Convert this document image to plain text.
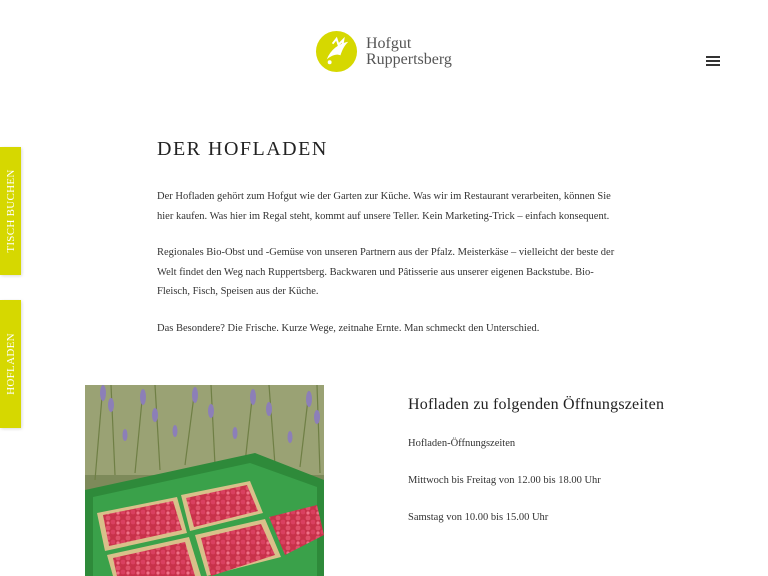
Hofgut
Ruppertsberg
TISCH BUCHEN
HOFLADEN
DER HOFLADEN

Der Hofladen gehört zum Hofgut wie der Garten zur Küche. Was wir im Restaurant verarbeiten, können Sie hier kaufen. Was hier im Regal steht, kommt auf unsere Teller. Kein Marketing-Trick – einfach konsequent.

Regionales Bio-Obst und -Gemüse von unseren Partnern aus der Pfalz. Meisterkäse – vielleicht der beste der Welt findet den Weg nach Ruppertsberg. Backwaren und Pâtisserie aus unserer eigenen Backstube. Bio-Fleisch, Fisch, Speisen aus der Küche.

Das Besondere? Die Frische. Kurze Wege, zeitnahe Ernte. Man schmeckt den Unterschied.

Hofladen zu folgenden Öffnungszeiten

Hofladen-Öffnungszeiten

Mittwoch bis Freitag von 12.00 bis 18.00 Uhr

Samstag von 10.00 bis 15.00 Uhr
